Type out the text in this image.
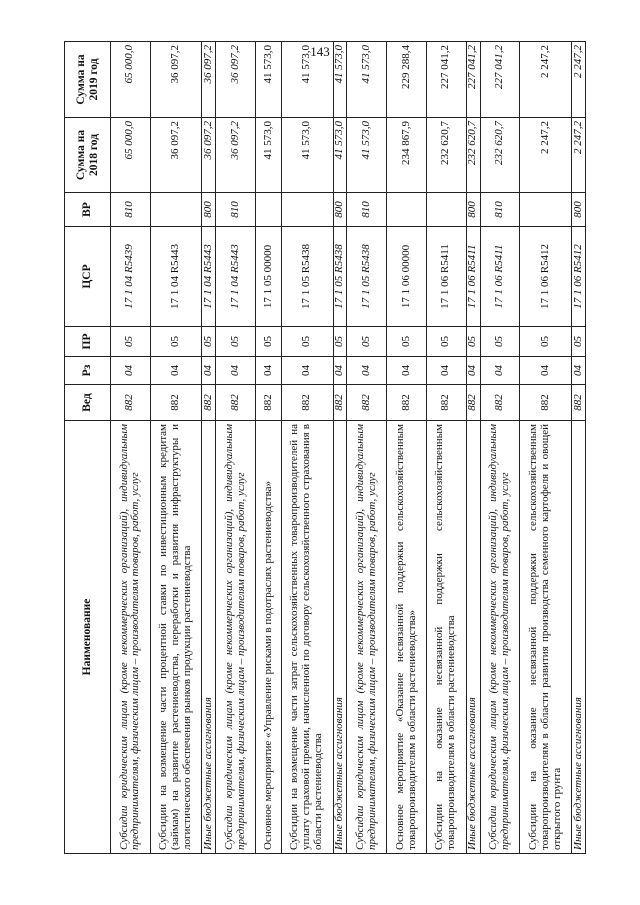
143
Наименование	Вед	Рз	ПР	ЦСР	ВР	Сумма на 2018 год	Сумма на 2019 год
Субсидии юридическим лицам (кроме некоммерческих организаций), индивидуальным предпринимателям, физическим лицам – производителям товаров, работ, услуг	882	04	05	17 1 04 R5439	810	65 000,0	65 000,0
Субсидии на возмещение части процентной ставки по инвестиционным кредитам (займам) на развитие растениеводства, переработки и развития инфраструктуры и логистического обеспечения рынков продукции растениеводства	882	04	05	17 1 04 R5443		36 097,2	36 097,2
Иные бюджетные ассигнования	882	04	05	17 1 04 R5443	800	36 097,2	36 097,2
Субсидии юридическим лицам (кроме некоммерческих организаций), индивидуальным предпринимателям, физическим лицам – производителям товаров, работ, услуг	882	04	05	17 1 04 R5443	810	36 097,2	36 097,2
Основное мероприятие «Управление рисками в подотраслях растениеводства»	882	04	05	17 1 05 00000		41 573,0	41 573,0
Субсидии на возмещение части затрат сельскохозяйственных товаропроизводителей на уплату страховой премии, начисленной по договору сельскохозяйственного страхования в области растениеводства	882	04	05	17 1 05 R5438		41 573,0	41 573,0
Иные бюджетные ассигнования	882	04	05	17 1 05 R5438	800	41 573,0	41 573,0
Субсидии юридическим лицам (кроме некоммерческих организаций), индивидуальным предпринимателям, физическим лицам – производителям товаров, работ, услуг	882	04	05	17 1 05 R5438	810	41 573,0	41 573,0
Основное мероприятие «Оказание несвязанной поддержки сельскохозяйственным товаропроизводителям в области растениеводства»	882	04	05	17 1 06 00000		234 867,9	229 288,4
Субсидии на оказание несвязанной поддержки сельскохозяйственным товаропроизводителям в области растениеводства	882	04	05	17 1 06 R5411		232 620,7	227 041,2
Иные бюджетные ассигнования	882	04	05	17 1 06 R5411	800	232 620,7	227 041,2
Субсидии юридическим лицам (кроме некоммерческих организаций), индивидуальным предпринимателям, физическим лицам – производителям товаров, работ, услуг	882	04	05	17 1 06 R5411	810	232 620,7	227 041,2
Субсидии на оказание несвязанной поддержки сельскохозяйственным товаропроизводителям в области развития производства семенного картофеля и овощей открытого грунта	882	04	05	17 1 06 R5412		2 247,2	2 247,2
Иные бюджетные ассигнования	882	04	05	17 1 06 R5412	800	2 247,2	2 247,2
